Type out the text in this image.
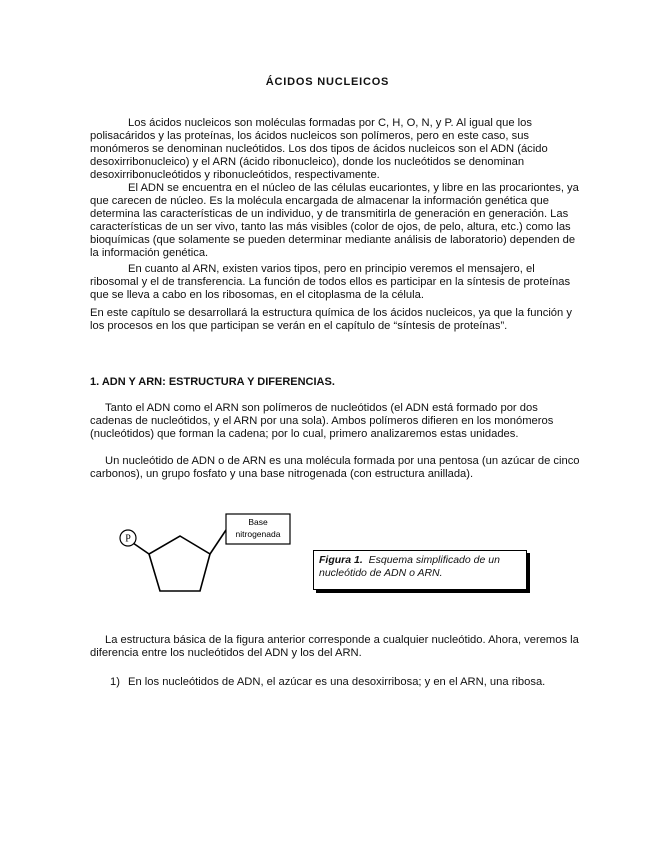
ÁCIDOS NUCLEICOS
Los ácidos nucleicos son moléculas formadas por C, H, O, N, y P. Al igual que los polisacáridos y las proteínas, los ácidos nucleicos son polímeros, pero en este caso, sus monómeros se denominan nucleótidos. Los dos tipos de ácidos nucleicos son el ADN (ácido desoxirribonucleico) y el ARN (ácido ribonucleico), donde los nucleótidos se denominan desoxirribonucleótidos y ribonucleótidos, respectivamente.
El ADN se encuentra en el núcleo de las células eucariontes, y libre en las procariontes, ya que carecen de núcleo. Es la molécula encargada de almacenar la información genética que determina las características de un individuo, y de transmitirla de generación en generación. Las características de un ser vivo, tanto las más visibles (color de ojos, de pelo, altura, etc.) como las bioquímicas (que solamente se pueden determinar mediante análisis de laboratorio) dependen de la información genética.
En cuanto al ARN, existen varios tipos, pero en principio veremos el mensajero, el ribosomal y el de transferencia. La función de todos ellos es participar en la síntesis de proteínas que se lleva a cabo en los ribosomas, en el citoplasma de la célula.
En este capítulo se desarrollará la estructura química de los ácidos nucleicos, ya que la función y los procesos en los que participan se verán en el capítulo de “síntesis de proteínas”.
1. ADN Y ARN: ESTRUCTURA Y DIFERENCIAS.
Tanto el ADN como el ARN son polímeros de nucleótidos (el ADN está formado por dos cadenas de nucleótidos, y el ARN por una sola). Ambos polímeros difieren en los monómeros (nucleótidos) que forman la cadena; por lo cual, primero analizaremos estas unidades.
Un nucleótido de ADN o de ARN es una molécula formada por una pentosa (un azúcar de cinco carbonos), un grupo fosfato y una base nitrogenada (con estructura anillada).
P
Base
nitrogenada
Figura 1. Esquema simplificado de un nucleótido de ADN o ARN.
La estructura básica de la figura anterior corresponde a cualquier nucleótido. Ahora, veremos la diferencia entre los nucleótidos del ADN y los del ARN.
1) En los nucleótidos de ADN, el azúcar es una desoxirribosa; y en el ARN, una ribosa.
